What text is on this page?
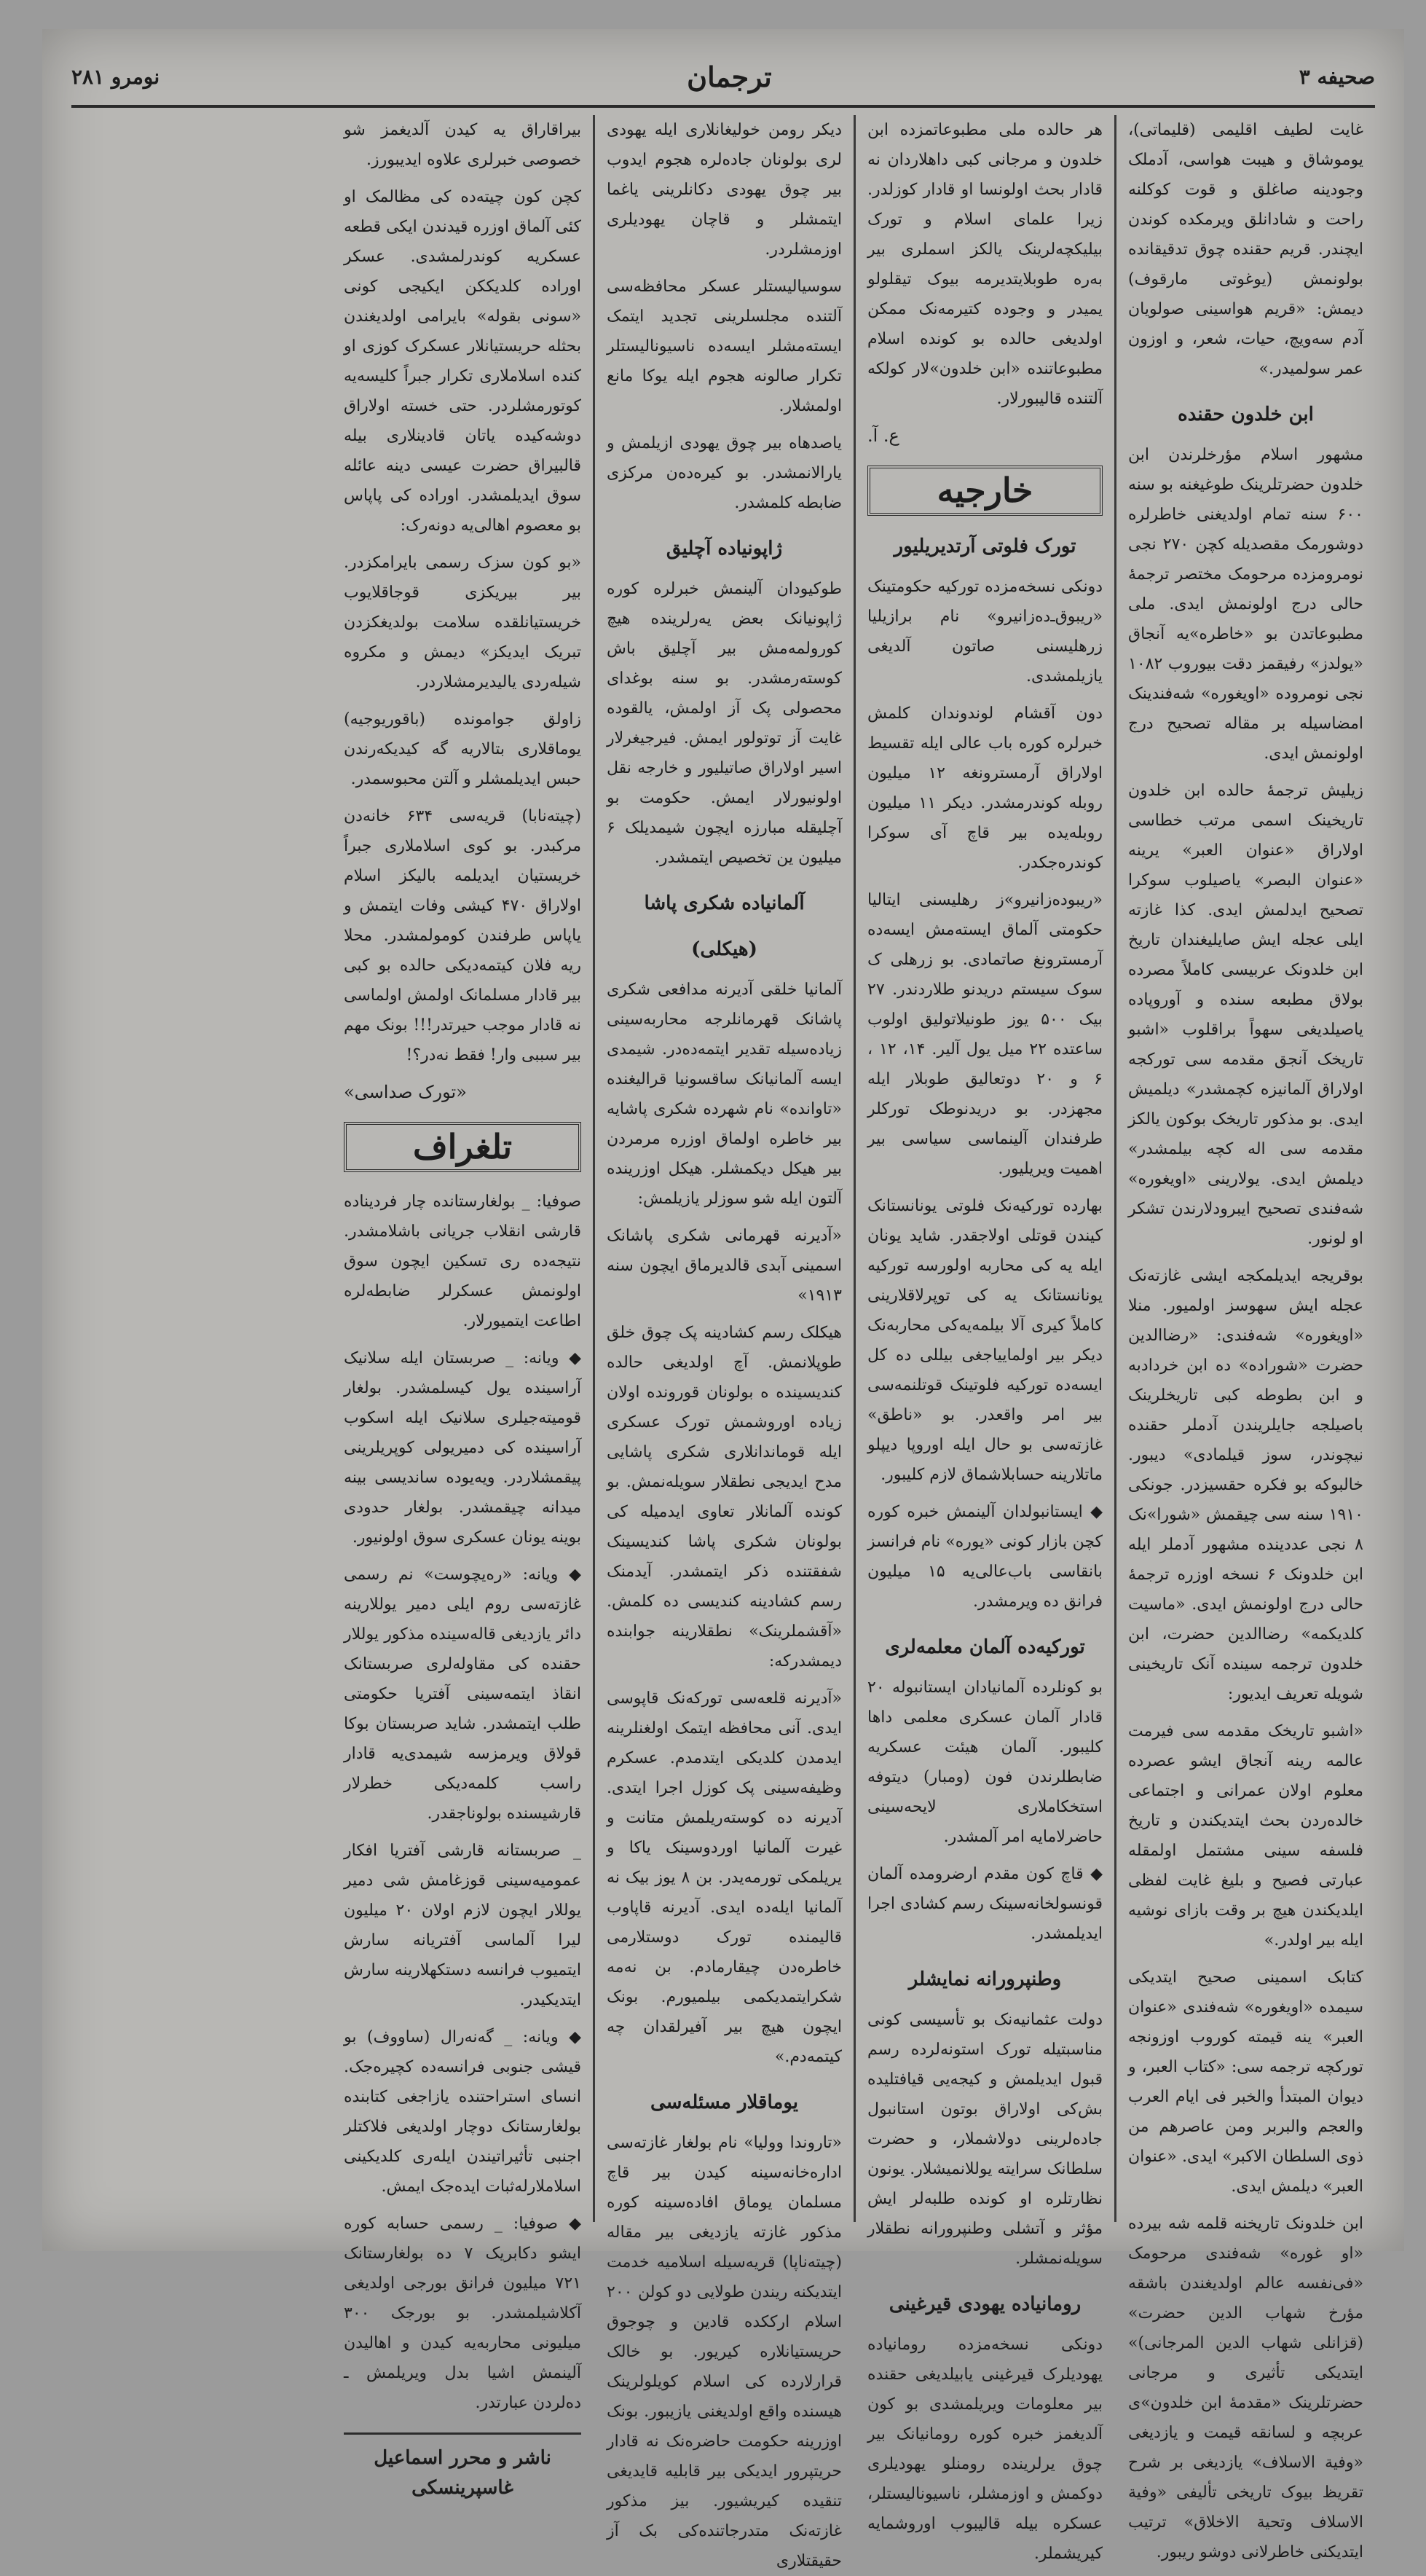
صحیفه ۳
ترجمان
نومرو ۲۸۱

غایت لطیف اقلیمی (قلیماتی)، یوموشاق و هیبت هواسی، آدملک وجودینه صاغلق و قوت کوکلنه راحت و شادانلق ویرمکده کوندن ایچندر. قریم حقنده چوق تدقیقانده بولونمش (یوغوتی مارقوف) دیمش: «قریم هواسینی صولویان آدم سەویچ، حیات، شعر، و اوزون عمر سولمیدر.»

ابن خلدون حقنده

مشهور اسلام مؤرخلرندن ابن خلدون حضرتلرینک طوغیغنه بو سنه ۶۰۰ سنه تمام اولدیغنی خاطرلره دوشورمک مقصدیله کچن ۲۷۰ نجی نومرومزده مرحومک مختصر ترجمۀ حالی درج اولونمش ایدی. ملی مطبوعاتدن بو «خاطره»یه آنجاق «یولدز» رفیقمز دقت بیوروب ۱۰۸۲ نجی نومروده «اویغوره» شەفندینک امضاسیله بر مقاله تصحیح درج اولونمش ایدی.

زیلیش ترجمۀ حالده ابن خلدون تاریخینک اسمی مرتب خطاسی اولاراق «عنوان العبر» یرینه «عنوان البصر» یاصیلوب سوکرا تصحیح ایدلمش ایدی. کذا غازته ایلی عجله ایش صایلیغندان تاریخ ابن خلدونک عربیسی کاملاً مصرده بولاق مطبعه سنده و آوروپاده یاصیلدیغی سهواً براقلوب «اشبو تاریخک آنجق مقدمه سی تورکجه اولاراق آلمانیزه کچمشدر» دیلمیش ایدی. بو مذکور تاریخک بوکون یالکز مقدمه سی اله کچه بیلمشدر» دیلمش ایدی. یولارینی «اویغوره» شەفندی تصحیح ایبرودلارندن تشکر او لونور.

بوقریجه ایدیلمکجه ایشی غازته‌نک عجله ایش سهوسز اولمیور. منلا «اویغوره» شەفندی: «رضاالدین حضرت «شوراده» ده ابن خردادبه و ابن بطوطه کبی تاریخلرینک باصیلجه جایلریندن آدملر حقنده نیچوندر، سوز قیلمادی» دیبور. خالبوکه بو فکره حقسیزدر. جونکی ۱۹۱۰ سنه سی چیقمش «شورا»نک ۸ نجی عددینده مشهور آدملر ایله ابن خلدونک ۶ نسخه اوزره ترجمۀ حالی درج اولونمش ایدی. «ماسیت کلدیکمه» رضاالدین حضرت، ابن خلدون ترجمه سینده آنک تاریخینی شویله تعریف ایدیور:

«اشبو تاریخک مقدمه سی فیرمت عالمه رینه آنجاق ایشو عصرده معلوم اولان عمرانی و اجتماعی خالده‌ردن بحث ایتدیکندن و تاریخ فلسفه سینی مشتمل اولمقله عبارتی فصیح و بلیغ غایت لفظی ایلدیکندن هیچ بر وقت بازای نوشیه ایله بیر اولدر.»

کتابک اسمینی صحیح ایتدیکی سیمده «اویغوره» شەفندی «عنوان العبر» ینه قیمته کوروب اوزونجه تورکچه ترجمه سی: «کتاب العبر، و دیوان المبتدأ والخبر فی ایام العرب والعجم والبربر ومن عاصرهم من ذوی السلطان الاکبر» ایدی. «عنوان العبر» دیلمش ایدی.

ابن خلدونک تاریخنه قلمه شه بیرده «او غوره» شەفندی مرحومک «فی‌نفسه عالم اولدیغندن باشقه مؤرخ شهاب الدین حضرت» (قزانلی شهاب الدین المرجانی)» ایتدیکی تأثیری و مرجانی حضرتلرینک «مقدمۀ ابن خلدون»ی عربچه و لسانقه قیمت و یازدیغی «وفیة الاسلاف» یازدیغی بر شرح تقریظ بیوک تاریخی تألیفی «وفیة الاسلاف وتحیة الاخلاق» ترتیب ایتدیکنی خاطرلانی دوشو ریبور.

هر حالده ملی مطبوعاتمزده ابن خلدون و مرجانی کبی داهلاردان نه قادار بحث اولونسا او قادار کوزلدر. زیرا علمای اسلام و تورک بیلیکچه‌لرینک یالکز اسملری بیر بەره طوبلایتدیرمه بیوک تیقلولو یمیدر و وجوده کتیرمه‌نک ممکن اولدیغی حالده بو کونده اسلام مطبوعاتنده «ابن خلدون»لار کولکه آلتنده قالیبورلار.

ع. آ.
خارجیه
تورک فلوتی آرتدیریلیور

دونکی نسخه‌مزده تورکیه حکومتینک «ریبوق‌ـ‌دەزانیرو» نام برازیلیا زرهلیسنی صاتون آلدیغی یازیلمشدی.

دون آقشام لوندوندان کلمش خبرلره کوره باب عالی ایله تقسیط اولاراق آرمسترونغه ۱۲ میلیون روبله کوندرمشدر. دیکر ۱۱ میلیون روبله‌یده بیر قاچ آی سوکرا کوندرەجکدر.

«ریبو‌ده‌زانیرو»ز رهلیسنی ایتالیا حکومتی آلماق ایسته‌مش ایسه‌ده آرمسترونغ صاتمادی. بو زرهلی ک سوک سیستم دریدنو طلاردندر. ۲۷ بیک ۵۰۰ یوز طونیلاتولیق اولوب ساعتده ۲۲ میل یول آلیر. ۱۴، ۱۲ ، ۶ و ۲۰ دوتعالیق طوبلار ایله مجهزدر. بو دریدنوطک تورکلر طرفندان آلینماسی سیاسی بیر اهمیت ویریلیور.

بهارده تورکیه‌نک فلوتی یونانستانک کیندن قوتلی اولاجقدر. شاید یونان ایله یه کی محاربه اولورسه تورکیه یونانستانک یه کی توپرلاقلارینی کاملاً کیری آلا بیلمه‌یه‌کی محاربه‌نک دیکر بیر اولماییاجغی بیللی ده کل ایسه‌ده تورکیه فلوتینک قوتلنمه‌سی بیر امر واقعدر. بو «ناطق» غازته‌سی بو حال ایله اوروپا دیپلو ماتلارینه حسابلاشماق لازم کلیبور.

◆ ایستانبولدان آلینمش خبره کوره کچن بازار کونی «یوره» نام فرانسز بانقاسی باب‌عالی‌یه ۱۵ میلیون فرانق ده ویرمشدر.

تورکیه‌ده آلمان معلمەلری

بو کونلرده آلمانیادان ایستانبوله ۲۰ قادار آلمان عسکری معلمی داها کلیبور. آلمان هیئت عسکریه ضابطلرندن فون (ومبار) دیتوفه استخکاملاری لایحه‌سینی حاضرلامایه امر آلمشدر.

◆ قاچ کون مقدم ارضرومده آلمان قونسولخانه‌سینک رسم کشادی اجرا ایدیلمشدر.

وطنپرورانه نمایشلر

دولت عثمانیه‌نک بو تأسیسی کونی مناسبتیله تورک استونه‌لرده رسم قبول ایدیلمش و کیجه‌یی قیافتلیده بش‌کی اولاراق بوتون استانبول جاده‌لرینی دولاشملار، و حضرت سلطانک سرایته یوللانمیشلار. یونون نظارتلره او کونده طلبه‌لر ایش مؤثر و آتشلی وطنپرورانه نطقلار سویلەنمشلر.

رومانیاده یهودی قیرغینی

دونکی نسخه‌مزده رومانیاده یهودیلرک قیرغینی یابیلدیغی حقنده بیر معلومات ویریلمشدی بو کون آلدیغمز خبره کوره رومانیانک بیر چوق یرلرینده رومنلو یهودیلری دوکمش و اوزمشلر، ناسیونالیستلر، عسکره بیله قالیبوب اوروشمایه کیریشملر.

دیکر رومن خولیغانلاری ایله یهودی لری بولونان جادەلره هجوم ایدوب بیر چوق یهودی دکانلرینی یاغما ایتمشلر و قاچان یهودیلری اوزمشلردر.

سوسیالیستلر عسکر محافظه‌سی آلتنده مجلسلرینی تجدید ایتمک ایسته‌مشلر ایسه‌ده ناسیونالیستلر تکرار صالونه هجوم ایله یوکا مانع اولمشلار.

یاصدهاه بیر چوق یهودی ازیلمش و یارالانمشدر. بو کیره‌ده‌ن مرکزی ضابطه کلمشدر.

ژاپونیاده آچلیق

طوکیودان آلینمش خبرلره کوره ژاپونیانک بعض یەرلرینده هیچ کورولمه‌مش بیر آچلیق باش کوسته‌رمشدر. بو سنه بوغدای محصولی پک آز اولمش، یالقوده غایت آز توتولور ایمش. فیرجیغرلار اسیر اولاراق صاتیلیور و خارجه نقل اولونیورلار ایمش. حکومت بو آچلیقله مبارزه ایچون شیمدیلک ۶ میلیون ین تخصیص ایتمشدر.

آلمانیاده شکری پاشا
(هیکلی)

آلمانیا خلقی آدیرنه مدافعی شکری پاشانک قهرمانلرجه محاربه‌سینی زیاده‌سیله تقدیر ایتمەده‌در. شیمدی ایسه آلمانیانک ساقسونیا قرالیغنده «تاوانده» نام شهرده شکری پاشایه بیر خاطره اولماق اوزره مرمردن بیر هیکل دیکمشلر. هیکل اوزرینده آلتون ایله شو سوزلر یازیلمش:

«آدیرنه قهرمانی شکری پاشانک اسمینی آبدی قالدیرماق ایچون سنه ۱۹۱۳»

هیکلک رسم کشادینه پک چوق خلق طوپلانمش. آچ اولدیغی حالده کندیسینده ه بولونان قورونده اولان زیاده اوروشمش تورک عسکری ایله قوماندانلاری شکری پاشایی مدح ایدیجی نطقلار سویلەنمش. بو کونده آلمانلار تعاوی ایدمیله کی بولونان شکری پاشا کندیسینک شفقتنده ذکر ایتمشدر. آیدمنک رسم کشادینه کندیسی ده کلمش. «آقشملرینک» نطقلارینه جوابنده دیمشدرکه:

«آدیرنه قلعه‌سی تورکه‌نک قاپوسی ایدی. آنی محافظه ایتمک اولغنلرینه ایدمدن کلدیکی ایتدمدم. عسکرم وظیفه‌سینی پک کوزل اجرا ایتدی. آدیرنه ده کوسته‌ریلمش متانت و غیرت آلمانیا اوردوسینک یاکا و یریلمکی تورمەیدر. بن ۸ یوز بیک نه آلمانیا ایله‌ده ایدی. آدیرنه قاپاوب قالیمنده تورک دوستلارمی خاطرەدن چیقارمادم. بن نه‌مه شکرایتمدیکمی بیلمیورم. بونک ایچون هیچ بیر آفیرلقدان چه کیتمەدم.»

یوماقلار مسئلەسی

«تاروندا وولیا» نام بولغار غازته‌سی اداره‌خانه‌سینه کیدن بیر قاچ مسلمان یوماق افاده‌سینه کوره مذکور غازته یازدیغی بیر مقاله (چیته‌ناپا) قریه‌سیله اسلامیه خدمت ایتدیکنه ریندن طولایی دو کولن ۲۰۰ اسلام ارککده قادین و چوجوق حریستیانلاره کیریور. بو خالک قرارلارده کی اسلام کویلولرینک هیسنده واقع اولدیغنی یازیبور. بونک اوزرینه حکومت حاضرەنک نه قادار حریتپرور ایدیکی بیر قابلیه قایدیغی تنقیده کیریشیور. بیز مذکور غازته‌نک متدرجاتنده‌کی بک آز حقیقتلاری

بیراقاراق یه کیدن آلدیغمز شو خصوصی خبرلری علاوه ایدیبورز.

کچن کون چیته‌ده کی مظالمک او کئی آلماق اوزره قیدندن ایکی قطعه عسکریه کوندرلمشدی. عسکر اوراده کلدیککن ایکیجی کونی «سونی بقوله» بایرامی اولدیغندن بحثله حریستیانلار عسکرک کوزی او کنده اسلاملاری تکرار جبراً کلیسه‌یه کوتورمشلردر. حتی خسته اولاراق دوشه‌کیده یاتان قادینلاری بیله قالبیراق حضرت عیسی دینه عائله سوق ایدیلمشدر. اوراده کی پاپاس بو معصوم اهالی‌یه دونه‌رک:

«بو کون سزک رسمی بایرامکزدر. بیر بیریکزی قوجاقلایوب خریستیانلقده سلامت بولدیغکزدن تبریک ایدیکز» دیمش و مکروه شیلەردی یالیدیرمشلاردر.

زاولق جوامونده (باقوریوجیه) یوماقلاری بتالاریه گه کیدیکه‌رندن حبس ایدیلمشلر و آلتن محبوسمدر.

(چیته‌نابا) قریه‌سی ۶۳۴ خانه‌دن مرکبدر. بو کوی اسلاملاری جبراً خریستیان ایدیلمه بالیکز اسلام اولاراق ۴۷۰ کیشی وفات ایتمش و یاپاس طرفندن کومولمشدر. محلا ریه فلان کیتمه‌دیکی حالده بو کبی بیر قادار مسلمانک اولمش اولماسی نه قادار موجب حیرتدر!!! بونک مهم بیر سببی وار! فقط نه‌در؟!

«تورک صداسی»
تلغراف

صوفیا: _ بولغارستانده چار فردیناده قارشی انقلاب جریانی باشلامشدر. نتیجه‌ده ری تسکین ایچون سوق اولونمش عسکرلر ضابطه‌لره اطاعت ایتمیورلار.

◆ ویانه: _ صربستان ایله سلانیک آراسینده یول کیسلمشدر. بولغار قومیته‌جیلری سلانیک ایله اسکوب آراسینده کی دمیریولی کوپریلرینی پیقمشلاردر. ویه‌یوده ساندیسی بینه میدانه چیقمشدر. بولغار حدودی بوینه یونان عسکری سوق اولونیور.

◆ ویانه: «رەیچوست» نم رسمی غازته‌سی روم ایلی دمیر یوللارینه دائر یازدیغی قاله‌سینده مذکور یوللار حقنده کی مقاوله‌لری صربستانک انقاذ ایتمه‌سینی آفتریا حکومتی طلب ایتمشدر. شاید صربستان بوکا قولاق ویرمزسه شیمدی‌یه قادار راسب کلمه‌دیکی خطرلار قارشیسنده بولوناجقدر.

_ صربستانه قارشی آفتریا افکار عمومیه‌سینی قوزغامش شی دمیر یوللار ایچون لازم اولان ۲۰ میلیون لیرا آلماسی آفتریانه سارش ایتمیوب فرانسه دستکهلارینه سارش ایتدیکیدر.

◆ ویانه: _ گه‌نه‌رال (ساووف) بو قیشی جنوبی فرانسه‌ده کچیره‌جک. انسای استراحتنده یازاجغی کتابنده بولغارستانک دوچار اولدیغی فلاکتلر اجنبی تأثیراتیندن ایله‌ری کلدیکینی اسلاملارله‌ثبات ایده‌جک ایمش.

◆ صوفیا: _ رسمی حسابه کوره ایشو دکابریک ۷ ده بولغارستانک ۷۲۱ میلیون فرانق بورجی اولدیغی آکلاشیلمشدر. بو بورجک ۳۰۰ میلیونی محاربه‌یه کیدن و اهالیدن آلینمش اشیا بدل ویریلمش ـ دەلردن عبارتدر.

ناشر و محرر اسماعیل غاسپرینسکی
